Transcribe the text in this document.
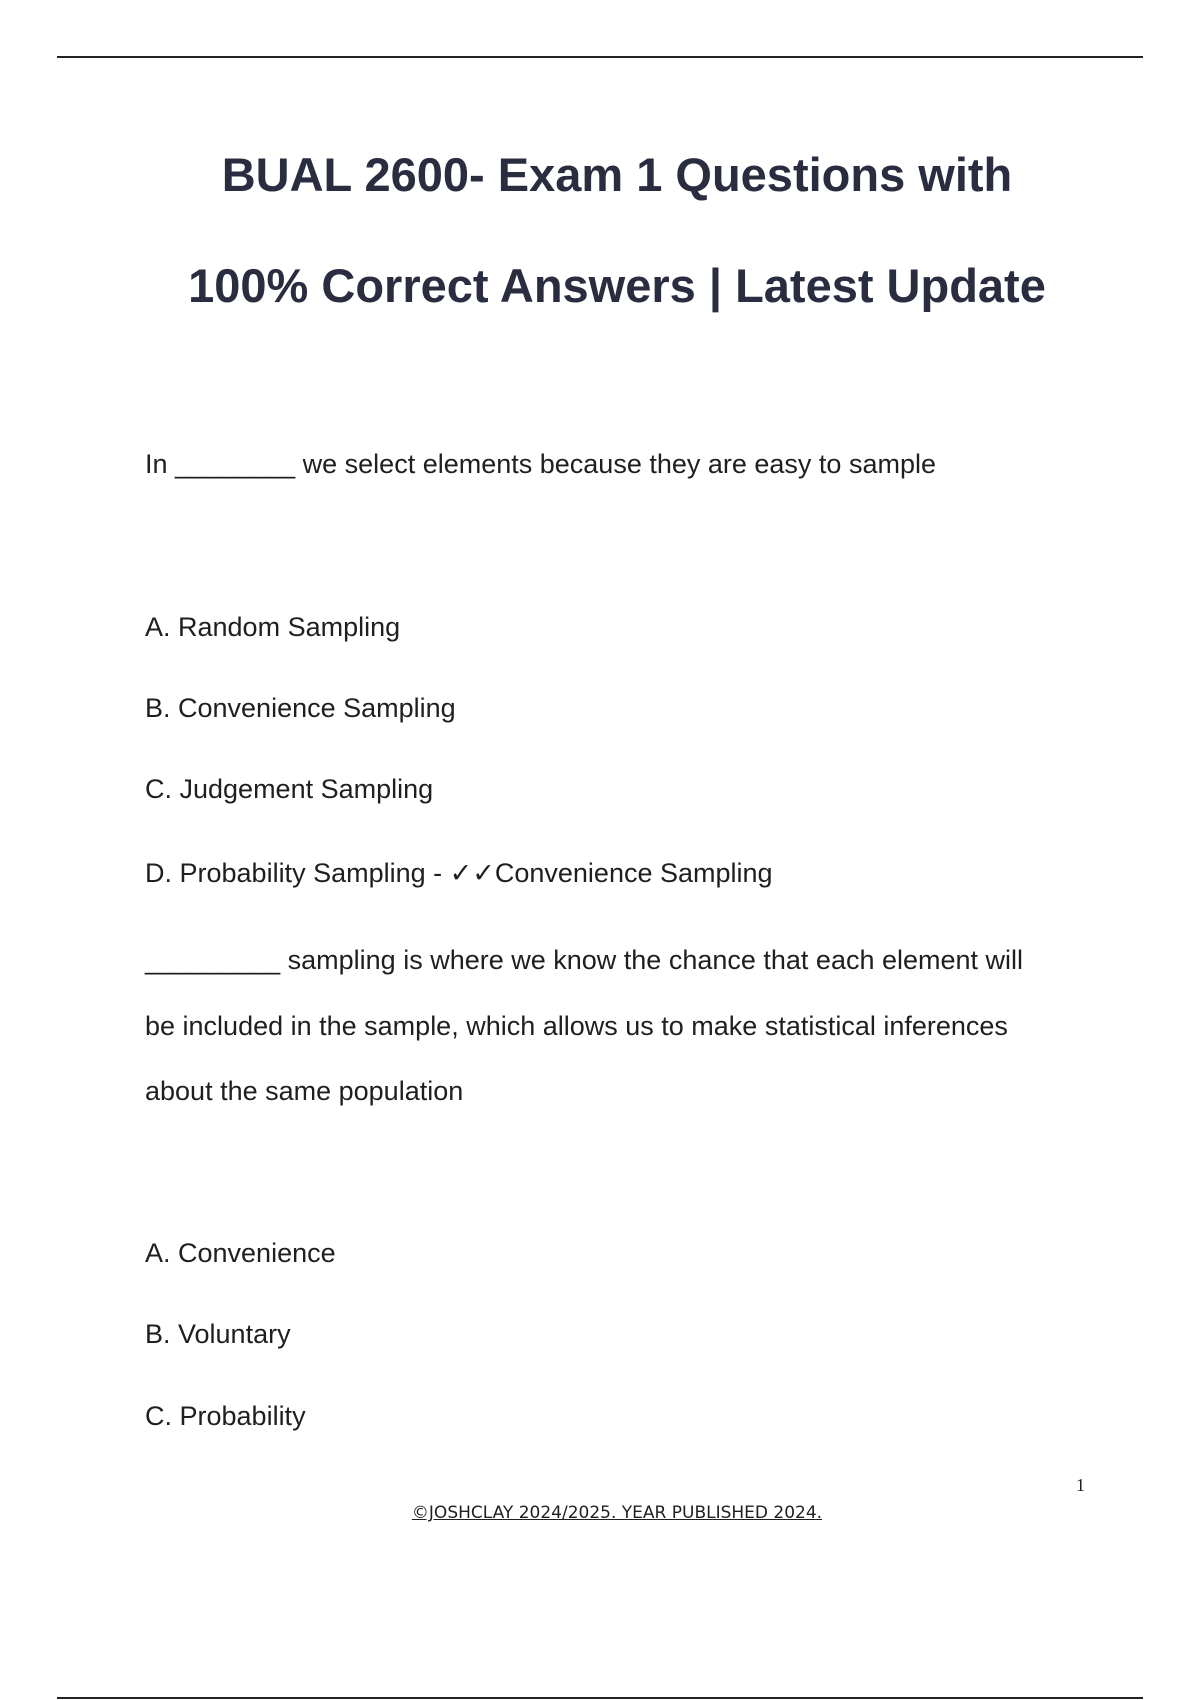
BUAL 2600- Exam 1 Questions with
100% Correct Answers | Latest Update
In ________ we select elements because they are easy to sample
A. Random Sampling
B. Convenience Sampling
C. Judgement Sampling
D. Probability Sampling - ✓✓Convenience Sampling
_________ sampling is where we know the chance that each element will
be included in the sample, which allows us to make statistical inferences
about the same population
A. Convenience
B. Voluntary
C. Probability
1
©JOSHCLAY 2024/2025. YEAR PUBLISHED 2024.
